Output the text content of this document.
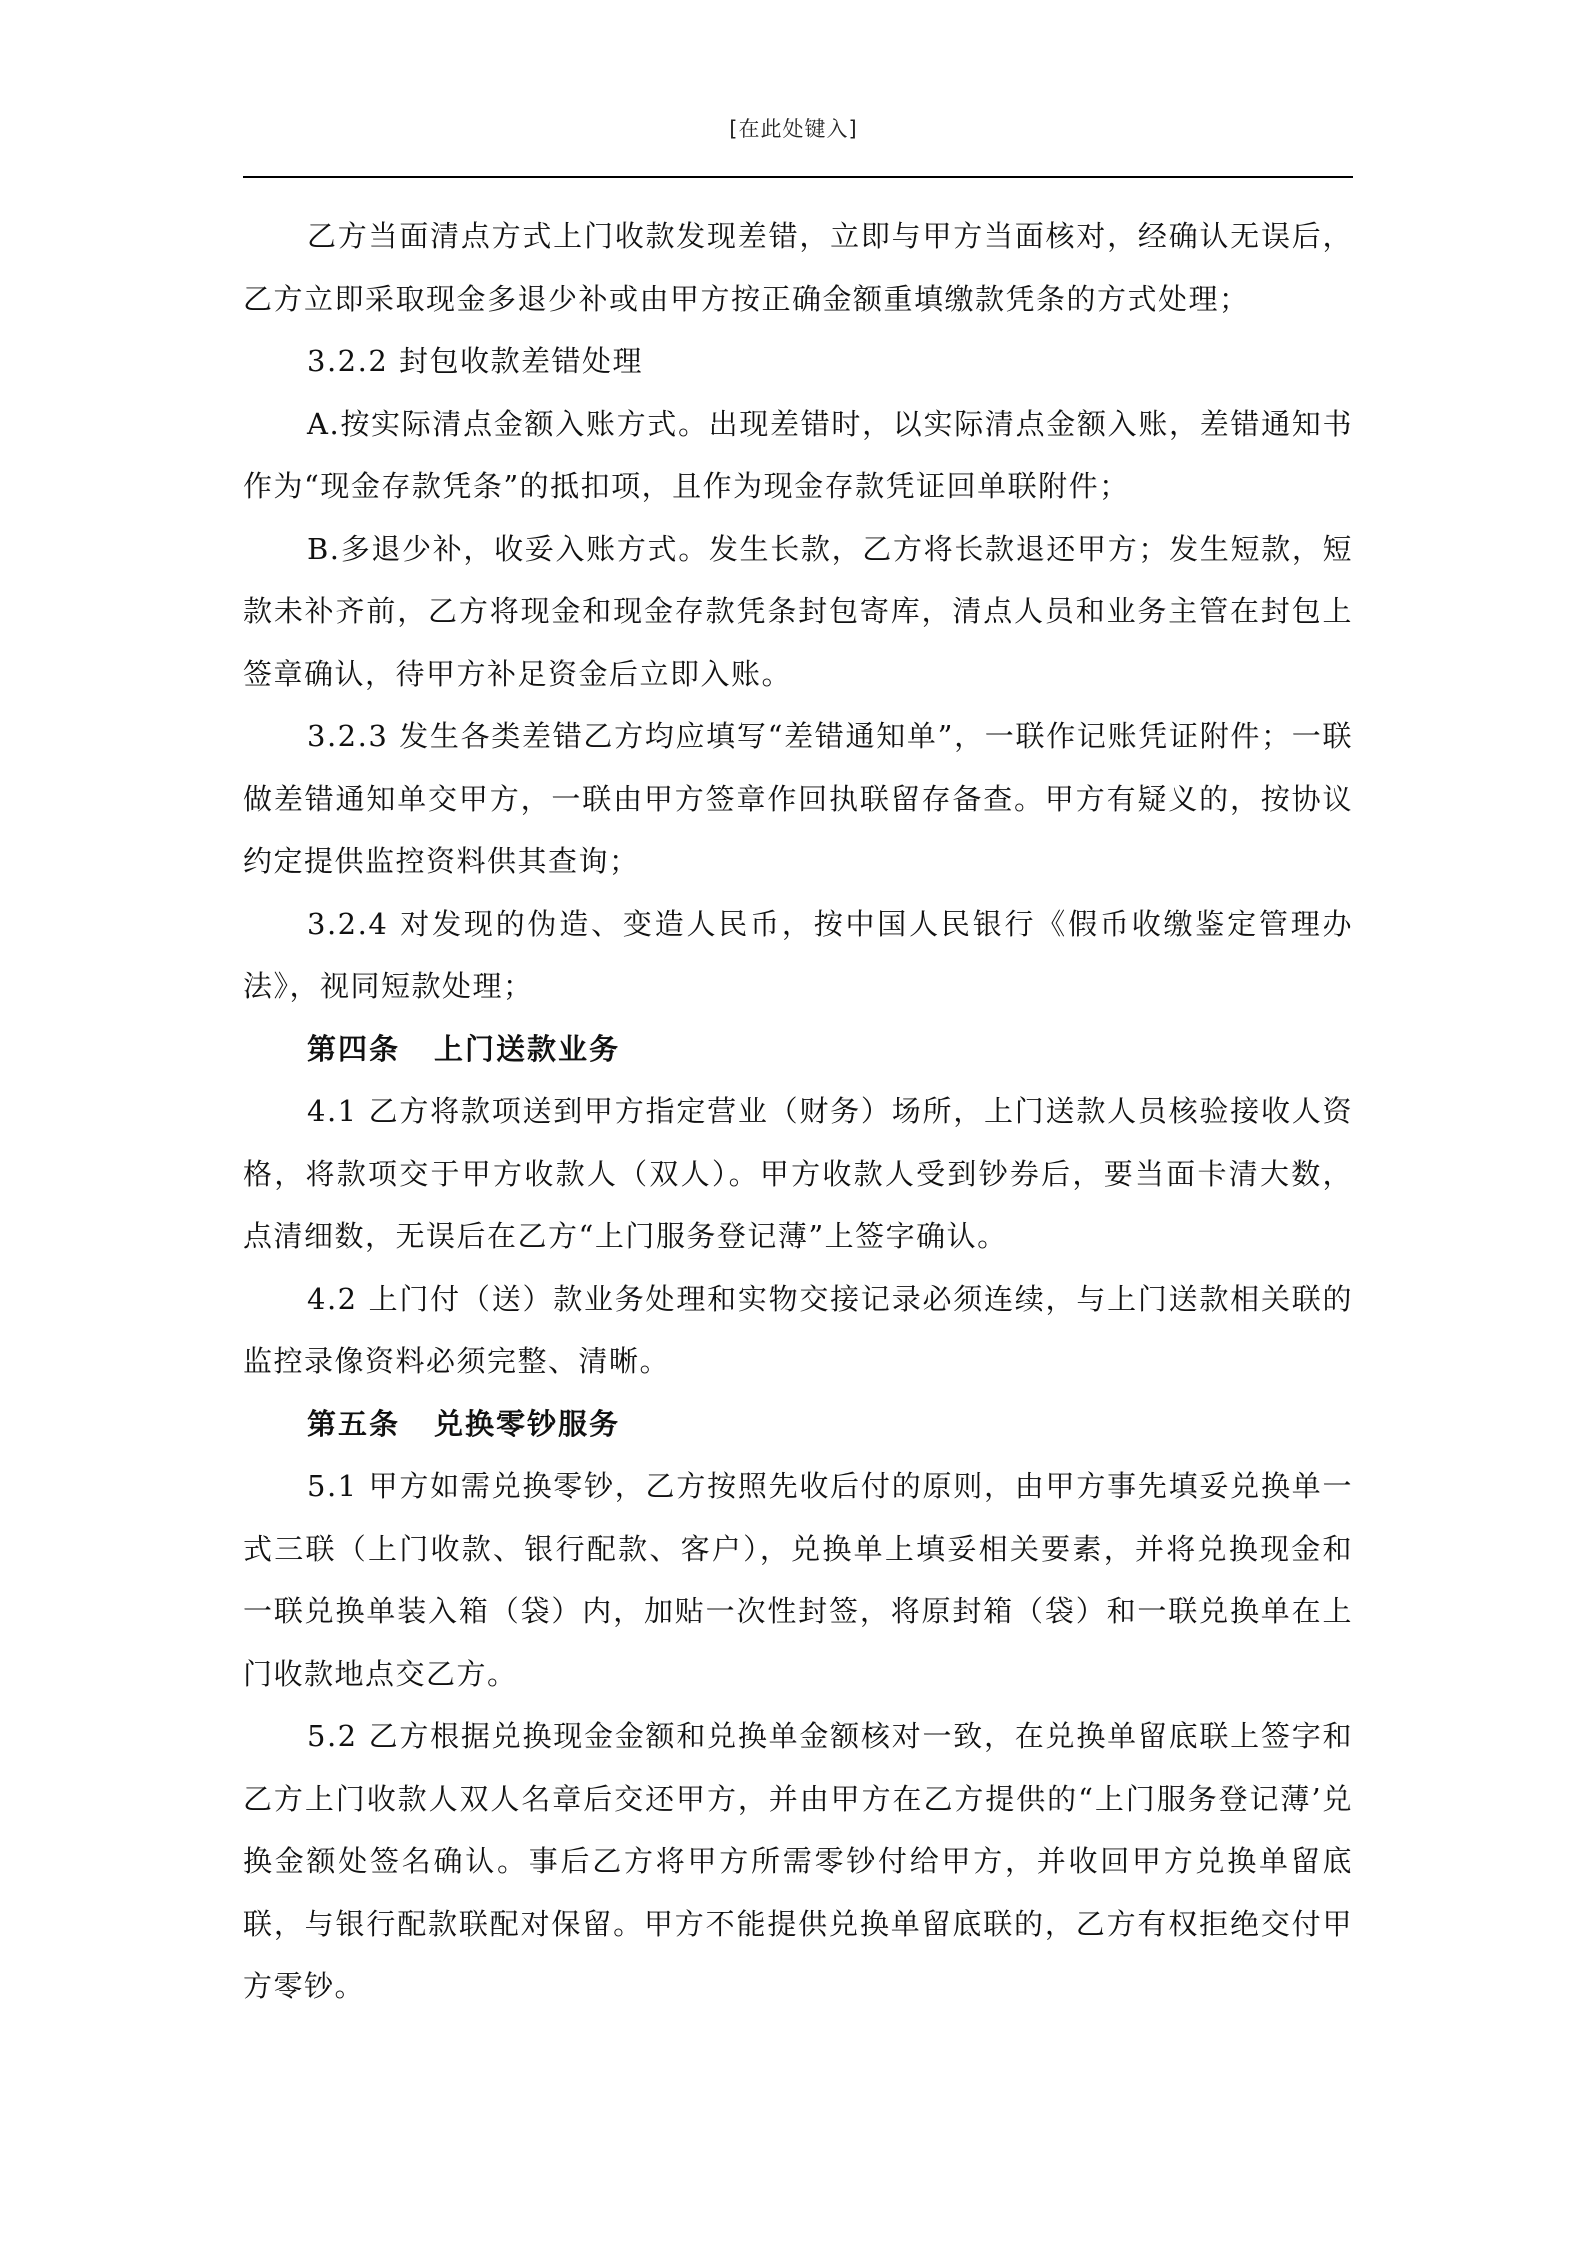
[在此处键入]

乙方当面清点方式上门收款发现差错，立即与甲方当面核对，经确认无误后，乙方立即采取现金多退少补或由甲方按正确金额重填缴款凭条的方式处理；

3.2.2 封包收款差错处理

A.按实际清点金额入账方式。出现差错时，以实际清点金额入账，差错通知书作为“现金存款凭条”的抵扣项，且作为现金存款凭证回单联附件；

B.多退少补，收妥入账方式。发生长款，乙方将长款退还甲方；发生短款，短款未补齐前，乙方将现金和现金存款凭条封包寄库，清点人员和业务主管在封包上签章确认，待甲方补足资金后立即入账。

3.2.3 发生各类差错乙方均应填写“差错通知单”，一联作记账凭证附件；一联做差错通知单交甲方，一联由甲方签章作回执联留存备查。甲方有疑义的，按协议约定提供监控资料供其查询；

3.2.4 对发现的伪造、变造人民币，按中国人民银行《假币收缴鉴定管理办法》，视同短款处理；

第四条 上门送款业务

4.1 乙方将款项送到甲方指定营业（财务）场所，上门送款人员核验接收人资格，将款项交于甲方收款人（双人）。甲方收款人受到钞券后，要当面卡清大数，点清细数，无误后在乙方“上门服务登记薄”上签字确认。

4.2 上门付（送）款业务处理和实物交接记录必须连续，与上门送款相关联的监控录像资料必须完整、清晰。

第五条 兑换零钞服务

5.1 甲方如需兑换零钞，乙方按照先收后付的原则，由甲方事先填妥兑换单一式三联（上门收款、银行配款、客户），兑换单上填妥相关要素，并将兑换现金和一联兑换单装入箱（袋）内，加贴一次性封签，将原封箱（袋）和一联兑换单在上门收款地点交乙方。

5.2 乙方根据兑换现金金额和兑换单金额核对一致，在兑换单留底联上签字和乙方上门收款人双人名章后交还甲方，并由甲方在乙方提供的“上门服务登记薄’兑换金额处签名确认。事后乙方将甲方所需零钞付给甲方，并收回甲方兑换单留底联，与银行配款联配对保留。甲方不能提供兑换单留底联的，乙方有权拒绝交付甲方零钞。
